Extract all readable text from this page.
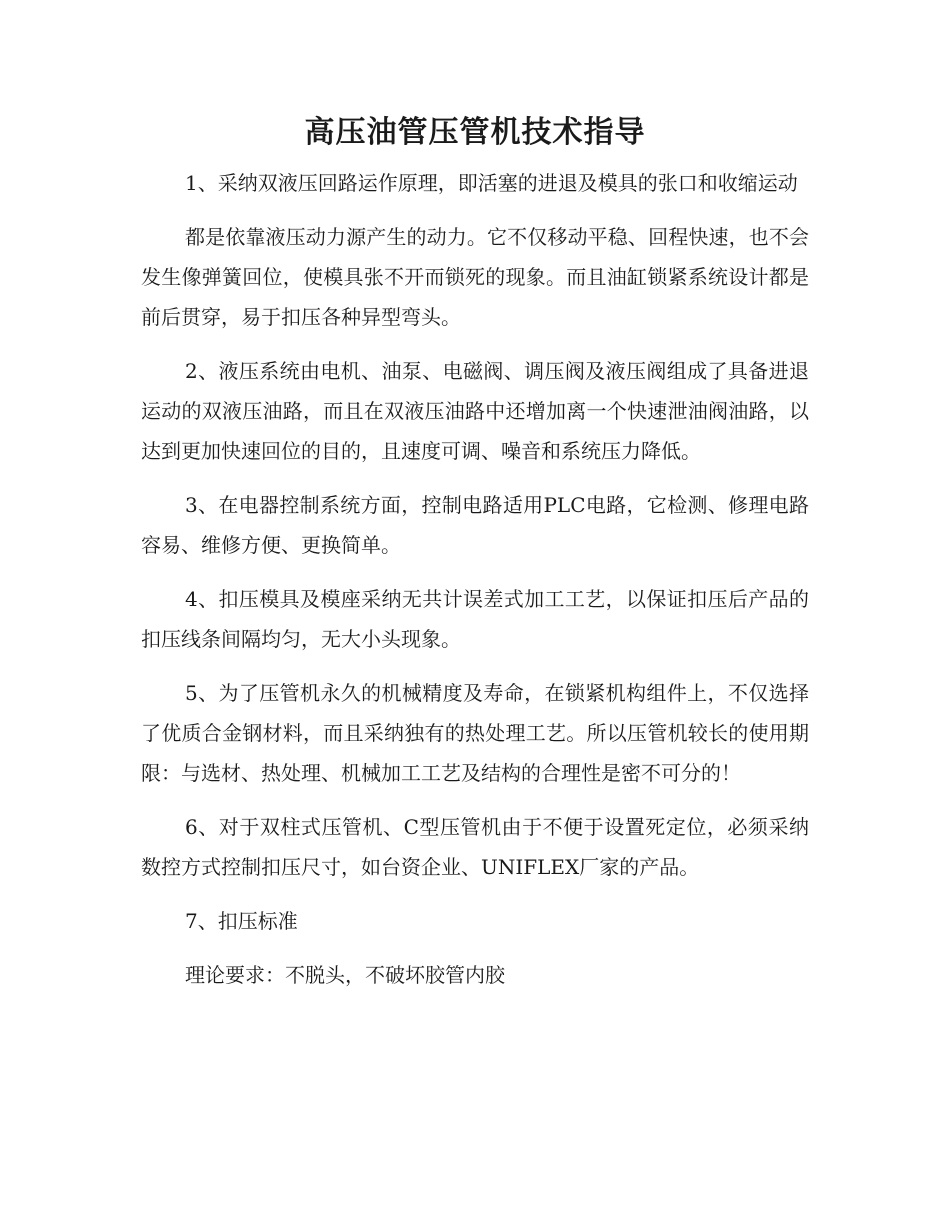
高压油管压管机技术指导

1、采纳双液压回路运作原理，即活塞的进退及模具的张口和收缩运动

都是依靠液压动力源产生的动力。它不仅移动平稳、回程快速，也不会发生像弹簧回位，使模具张不开而锁死的现象。而且油缸锁紧系统设计都是前后贯穿，易于扣压各种异型弯头。

2、液压系统由电机、油泵、电磁阀、调压阀及液压阀组成了具备进退运动的双液压油路，而且在双液压油路中还增加离一个快速泄油阀油路，以达到更加快速回位的目的，且速度可调、噪音和系统压力降低。

3、在电器控制系统方面，控制电路适用PLC电路，它检测、修理电路容易、维修方便、更换简单。

4、扣压模具及模座采纳无共计误差式加工工艺，以保证扣压后产品的扣压线条间隔均匀，无大小头现象。

5、为了压管机永久的机械精度及寿命，在锁紧机构组件上，不仅选择了优质合金钢材料，而且采纳独有的热处理工艺。所以压管机较长的使用期限：与选材、热处理、机械加工工艺及结构的合理性是密不可分的！

6、对于双柱式压管机、C型压管机由于不便于设置死定位，必须采纳数控方式控制扣压尺寸，如台资企业、UNIFLEX厂家的产品。

7、扣压标准

理论要求：不脱头，不破坏胶管内胶
